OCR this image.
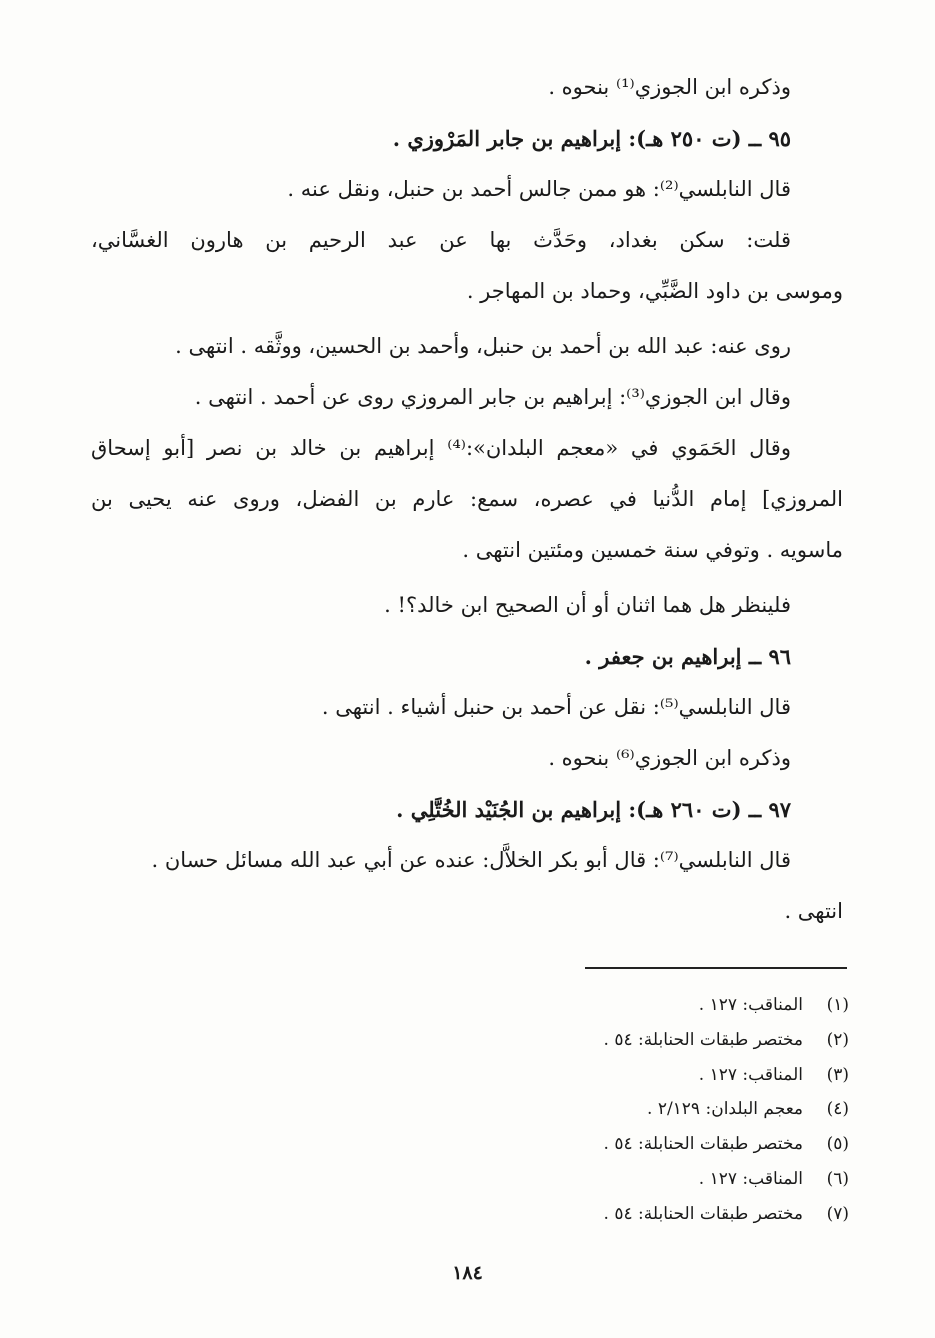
وذكره ابن الجوزي⁽¹⁾ بنحوه .
٩٥ ــ (ت ٢٥٠ هـ): إبراهيم بن جابر المَرْوزي .
قال النابلسي⁽²⁾: هو ممن جالس أحمد بن حنبل، ونقل عنه .
قلت: سكن بغداد، وحَدَّث بها عن عبد الرحيم بن هارون الغسَّاني،
وموسى بن داود الضَّبِّي، وحماد بن المهاجر .
روى عنه: عبد الله بن أحمد بن حنبل، وأحمد بن الحسين، ووثَّقه . انتهى .
وقال ابن الجوزي⁽³⁾: إبراهيم بن جابر المروزي روى عن أحمد . انتهى .
وقال الحَمَوي في «معجم البلدان»:⁽⁴⁾ إبراهيم بن خالد بن نصر [أبو إسحاق
المروزي] إمام الدُّنيا في عصره، سمع: عارم بن الفضل، وروى عنه يحيى بن
ماسويه . وتوفي سنة خمسين ومئتين انتهى .
فلينظر هل هما اثنان أو أن الصحيح ابن خالد؟! .
٩٦ ــ إبراهيم بن جعفر .
قال النابلسي⁽⁵⁾: نقل عن أحمد بن حنبل أشياء . انتهى .
وذكره ابن الجوزي⁽⁶⁾ بنحوه .
٩٧ ــ (ت ٢٦٠ هـ): إبراهيم بن الجُنَيْد الخُتَّلِي .
قال النابلسي⁽⁷⁾: قال أبو بكر الخلاَّل: عنده عن أبي عبد الله مسائل حسان .
انتهى .
(١)المناقب: ١٢٧ .
(٢)مختصر طبقات الحنابلة: ٥٤ .
(٣)المناقب: ١٢٧ .
(٤)معجم البلدان: ٢/١٢٩ .
(٥)مختصر طبقات الحنابلة: ٥٤ .
(٦)المناقب: ١٢٧ .
(٧)مختصر طبقات الحنابلة: ٥٤ .
١٨٤
